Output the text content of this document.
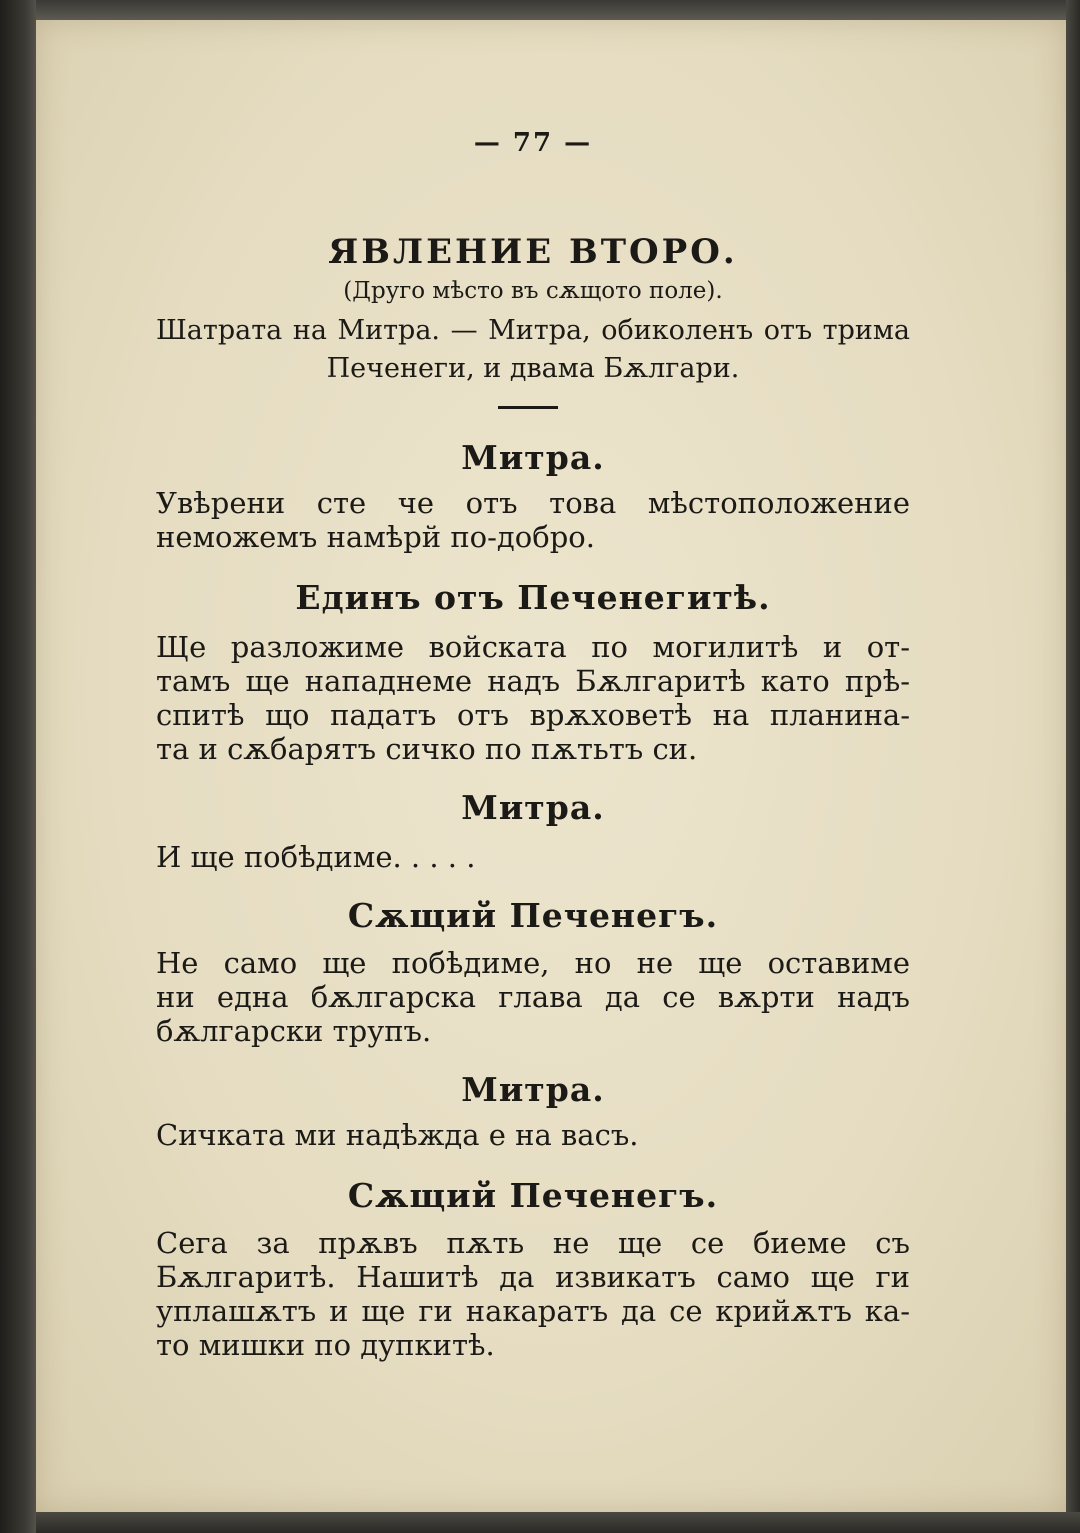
— 77 —
ЯВЛЕНИЕ ВТОРО.
(Друго мѣсто въ сѫщото поле).
Шатрата на Митра. — Митра, обиколенъ отъ трима
Печенеги, и двама Бѫлгари.
Митра.
Увѣрени сте че отъ това мѣстоположение
неможемъ намѣрй по-добро.
Единъ отъ Печенегитѣ.
Ще разложиме войската по могилитѣ и от-
тамъ ще нападнеме надъ Бѫлгаритѣ като прѣ-
спитѣ що падатъ отъ врѫховетѣ на планина-
та и сѫбарятъ сичко по пѫтьтъ си.
Митра.
И ще побѣдиме. . . . .
Сѫщий Печенегъ.
Не само ще побѣдиме, но не ще оставиме
ни една бѫлгарска глава да се вѫрти надъ
бѫлгарски трупъ.
Митра.
Сичката ми надѣжда е на васъ.
Сѫщий Печенегъ.
Сега за прѫвъ пѫть не ще се биеме съ
Бѫлгаритѣ. Нашитѣ да извикатъ само ще ги
уплашѫтъ и ще ги накаратъ да се крийѫтъ ка-
то мишки по дупкитѣ.
